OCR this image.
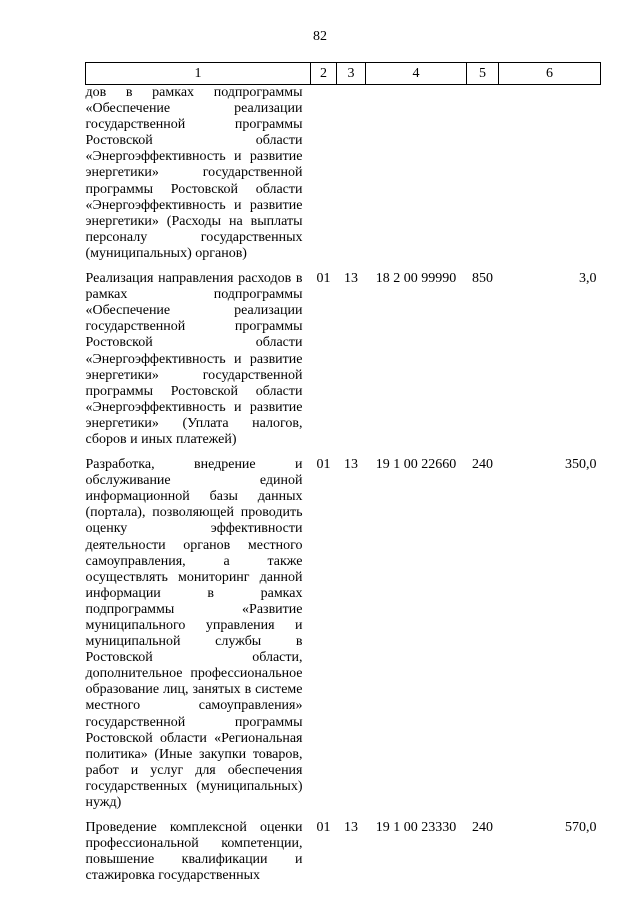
82
1	2	3	4	5	6

дов в рамках подпрограммы «Обеспечение реализации государственной программы Ростовской области «Энергоэффективность и развитие энергетики» государственной программы Ростовской области «Энергоэффективность и развитие энергетики» (Расходы на выплаты персоналу государственных (муниципальных) органов)					

Реализация направления расходов в рамках подпрограммы «Обеспечение реализации государственной программы Ростовской области «Энергоэффективность и развитие энергетики» государственной программы Ростовской области «Энергоэффективность и развитие энергетики» (Уплата налогов, сборов и иных платежей)	01	13	18 2 00 99990	850	3,0

Разработка, внедрение и обслуживание единой информационной базы данных (портала), позволяющей проводить оценку эффективности деятельности органов местного самоуправления, а также осуществлять мониторинг данной информации в рамках подпрограммы «Развитие муниципального управления и муниципальной службы в Ростовской области, дополнительное профессиональное образование лиц, занятых в системе местного самоуправления» государственной программы Ростовской области «Региональная политика» (Иные закупки товаров, работ и услуг для обеспечения государственных (муниципальных) нужд)	01	13	19 1 00 22660	240	350,0

Проведение комплексной оценки профессиональной компетенции, повышение квалификации и стажировка государственных	01	13	19 1 00 23330	240	570,0
